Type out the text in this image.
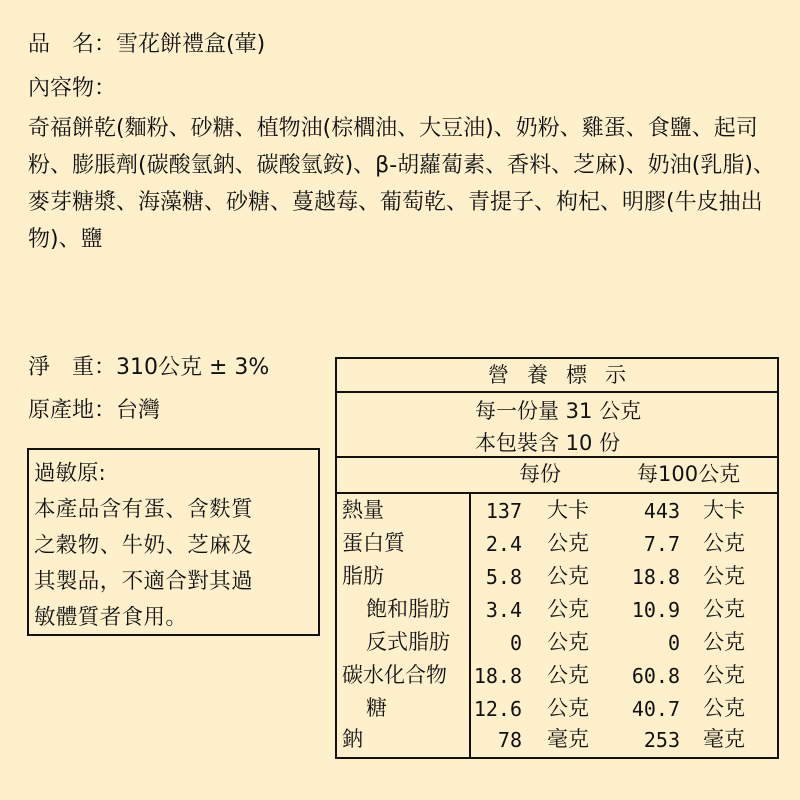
品　名：雪花餅禮盒(葷)
內容物：
奇福餅乾(麵粉、砂糖、植物油(棕櫚油、大豆油)、奶粉、雞蛋、食鹽、起司粉、膨脹劑(碳酸氫鈉、碳酸氫銨)、β-胡蘿蔔素、香料、芝麻)、奶油(乳脂)、麥芽糖漿、海藻糖、砂糖、蔓越莓、葡萄乾、青提子、枸杞、明膠(牛皮抽出物)、鹽
淨　重：310公克 ± 3%
原產地：台灣
過敏原:
本產品含有蛋、含麩質
之穀物、牛奶、芝麻及
其製品，不適合對其過
敏體質者食用。
營養標示
每一份量 31 公克
本包裝含 10 份
每份	每100公克
熱量	137 大卡	443 大卡
蛋白質	2.4 公克	7.7 公克
脂肪	5.8 公克	18.8 公克
飽和脂肪	3.4 公克	10.9 公克
反式脂肪	0 公克	0 公克
碳水化合物	18.8 公克	60.8 公克
糖	12.6 公克	40.7 公克
鈉	78 毫克	253 毫克
